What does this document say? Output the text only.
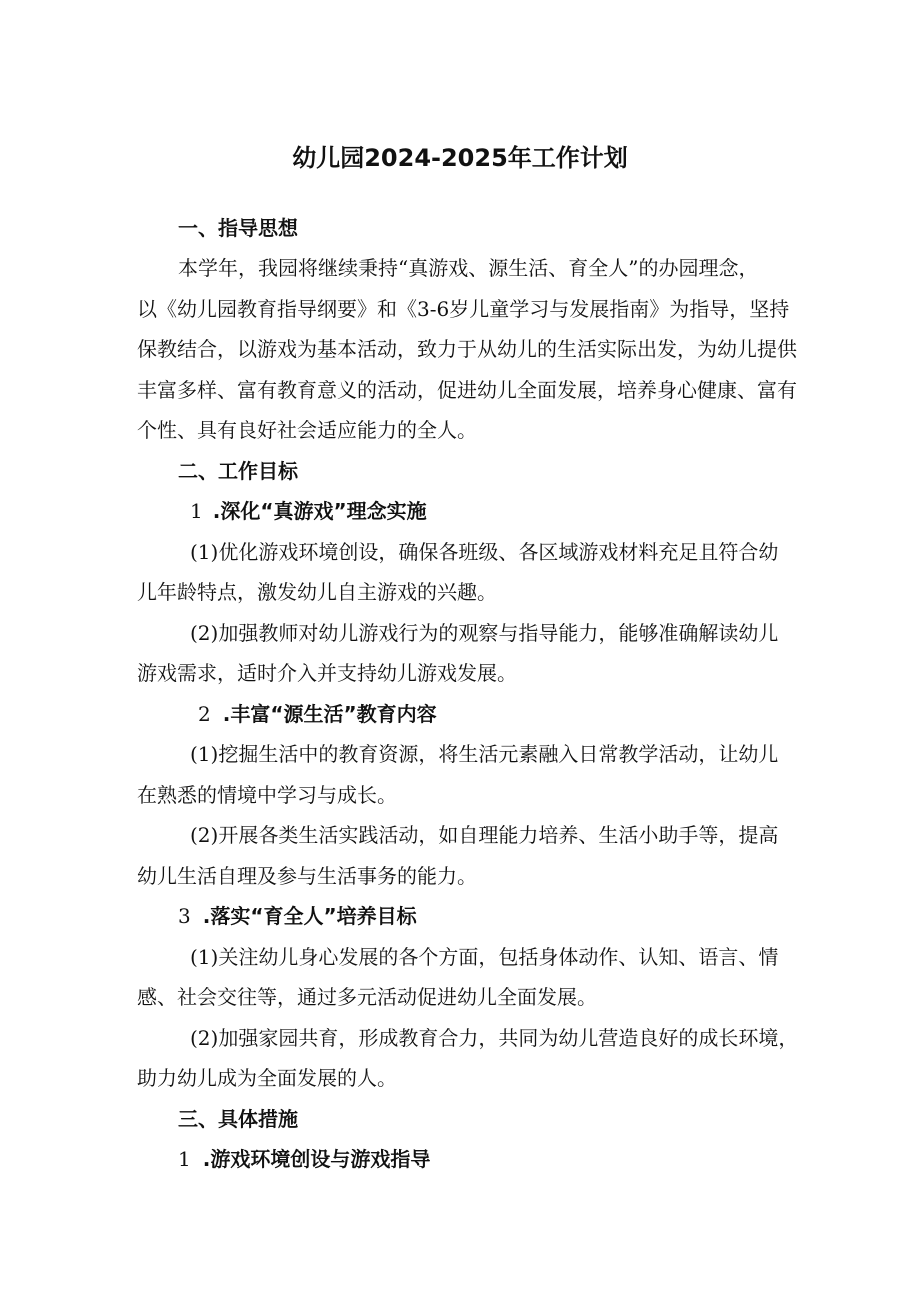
幼儿园2024-2025年工作计划
一、指导思想
本学年，我园将继续秉持“真游戏、源生活、育全人”的办园理念，
以《幼儿园教育指导纲要》和《3-6岁儿童学习与发展指南》为指导，坚持
保教结合，以游戏为基本活动，致力于从幼儿的生活实际出发，为幼儿提供
丰富多样、富有教育意义的活动，促进幼儿全面发展，培养身心健康、富有
个性、具有良好社会适应能力的全人。
二、工作目标
1 .深化“真游戏”理念实施
(1)优化游戏环境创设，确保各班级、各区域游戏材料充足且符合幼
儿年龄特点，激发幼儿自主游戏的兴趣。
(2)加强教师对幼儿游戏行为的观察与指导能力，能够准确解读幼儿
游戏需求，适时介入并支持幼儿游戏发展。
2 .丰富“源生活”教育内容
(1)挖掘生活中的教育资源，将生活元素融入日常教学活动，让幼儿
在熟悉的情境中学习与成长。
(2)开展各类生活实践活动，如自理能力培养、生活小助手等，提高
幼儿生活自理及参与生活事务的能力。
3 .落实“育全人”培养目标
(1)关注幼儿身心发展的各个方面，包括身体动作、认知、语言、情
感、社会交往等，通过多元活动促进幼儿全面发展。
(2)加强家园共育，形成教育合力，共同为幼儿营造良好的成长环境，
助力幼儿成为全面发展的人。
三、具体措施
1 .游戏环境创设与游戏指导
